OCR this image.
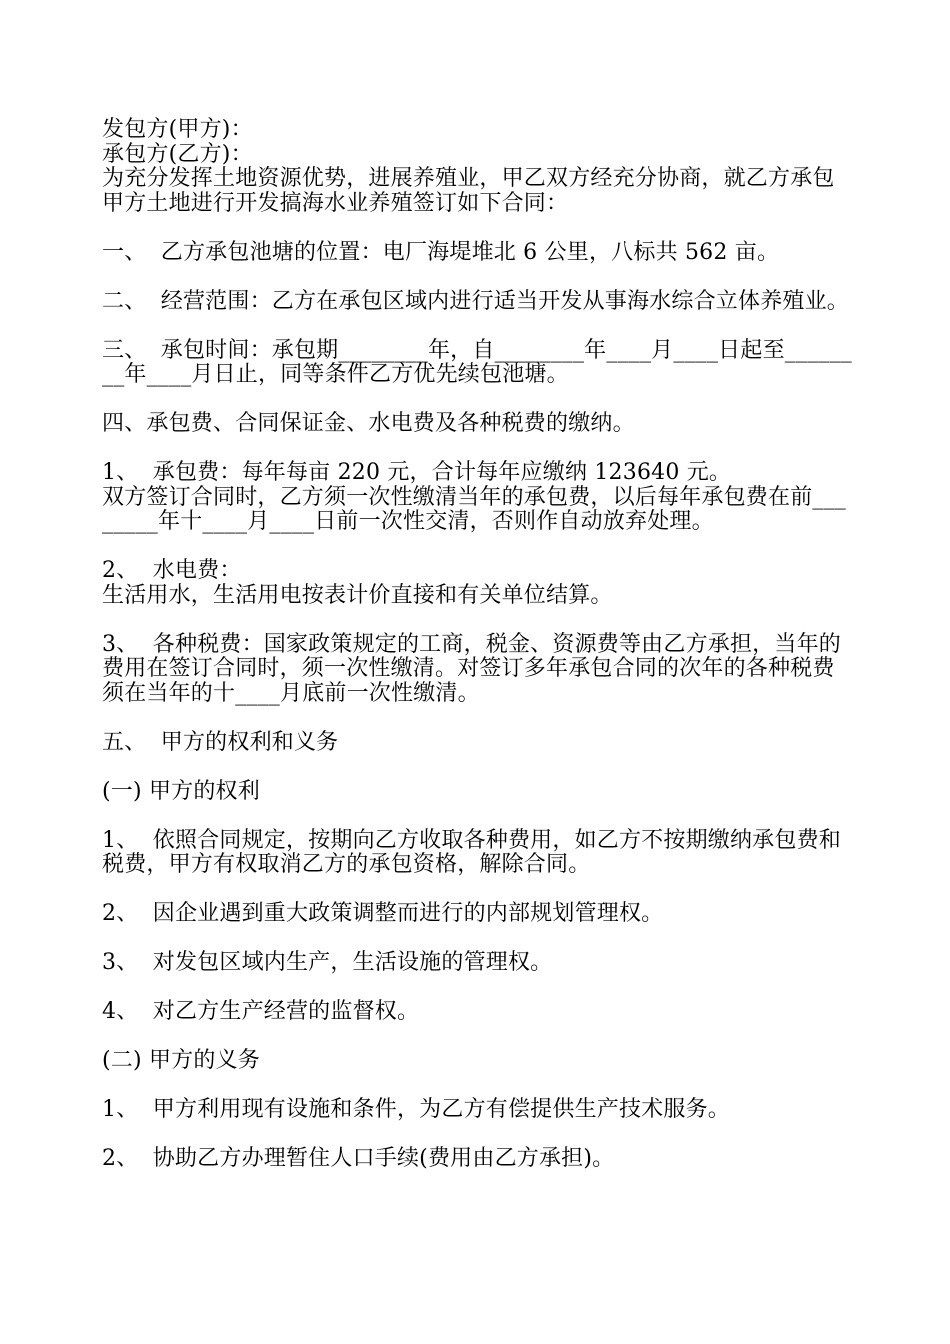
发包方(甲方)：

承包方(乙方)：

为充分发挥土地资源优势，进展养殖业，甲乙双方经充分协商，就乙方承包甲方土地进行开发搞海水业养殖签订如下合同：

一、  乙方承包池塘的位置：电厂海堤堆北 6 公里，八标共 562 亩。

二、  经营范围：乙方在承包区域内进行适当开发从事海水综合立体养殖业。

三、  承包时间：承包期________年，自________年____月____日起至________年____月日止，同等条件乙方优先续包池塘。

四、承包费、合同保证金、水电费及各种税费的缴纳。

1、  承包费：每年每亩 220 元，合计每年应缴纳 123640 元。

双方签订合同时，乙方须一次性缴清当年的承包费，以后每年承包费在前________年十____月____日前一次性交清，否则作自动放弃处理。

2、  水电费：

生活用水，生活用电按表计价直接和有关单位结算。

3、  各种税费：国家政策规定的工商，税金、资源费等由乙方承担，当年的费用在签订合同时，须一次性缴清。对签订多年承包合同的次年的各种税费须在当年的十____月底前一次性缴清。

五、  甲方的权利和义务

(一) 甲方的权利

1、  依照合同规定，按期向乙方收取各种费用，如乙方不按期缴纳承包费和税费，甲方有权取消乙方的承包资格，解除合同。

2、  因企业遇到重大政策调整而进行的内部规划管理权。

3、  对发包区域内生产，生活设施的管理权。

4、  对乙方生产经营的监督权。

(二) 甲方的义务

1、  甲方利用现有设施和条件，为乙方有偿提供生产技术服务。

2、  协助乙方办理暂住人口手续(费用由乙方承担)。
